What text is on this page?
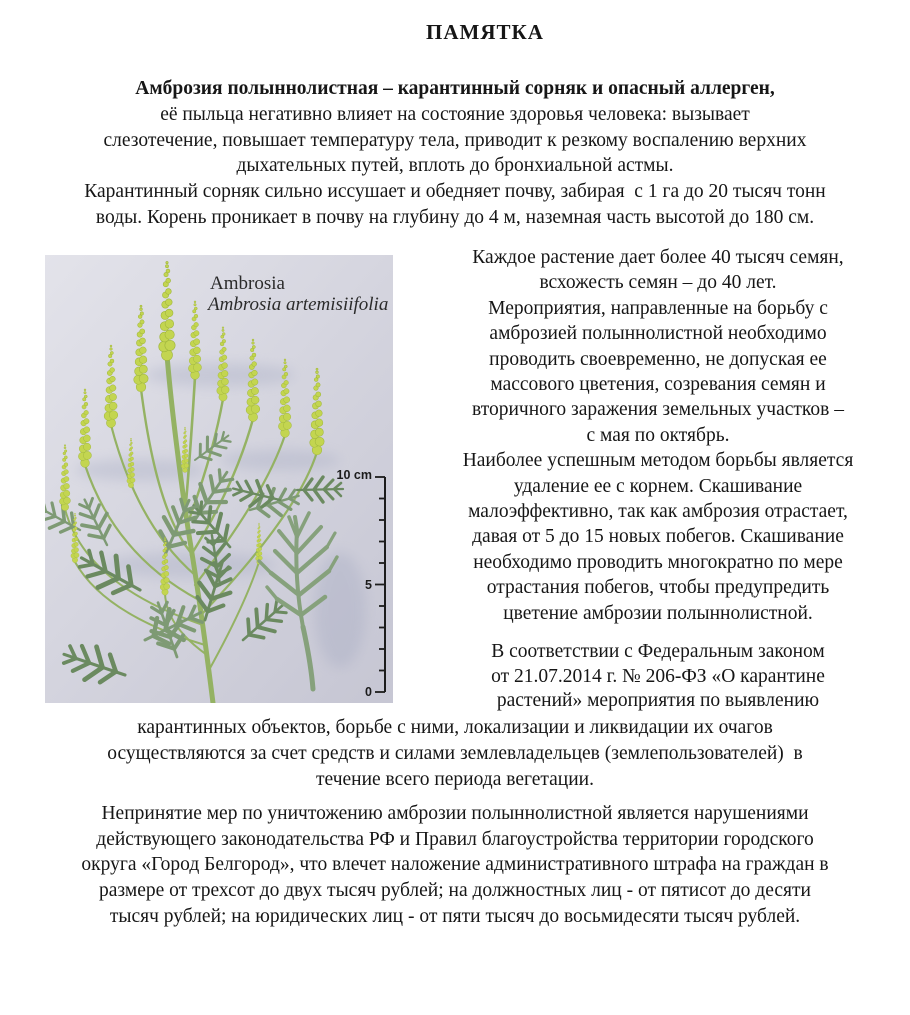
ПАМЯТКА
Амброзия полыннолистная – карантинный сорняк и опасный аллерген,
её пыльца негативно влияет на состояние здоровья человека: вызывает
слезотечение, повышает температуру тела, приводит к резкому воспалению верхних
дыхательных путей, вплоть до бронхиальной астмы.
Карантинный сорняк сильно иссушает и обедняет почву, забирая  с 1 га до 20 тысяч тонн
воды. Корень проникает в почву на глубину до 4 м, наземная часть высотой до 180 см.
10 cm
5
0
Ambrosia
Ambrosia artemisiifolia
Каждое растение дает более 40 тысяч семян,
всхожесть семян – до 40 лет.
Мероприятия, направленные на борьбу с
амброзией полыннолистной необходимо
проводить своевременно, не допуская ее
массового цветения, созревания семян и
вторичного заражения земельных участков –
с мая по октябрь.
Наиболее успешным методом борьбы является
удаление ее с корнем. Скашивание
малоэффективно, так как амброзия отрастает,
давая от 5 до 15 новых побегов. Скашивание
необходимо проводить многократно по мере
отрастания побегов, чтобы предупредить
цветение амброзии полыннолистной.
В соответствии с Федеральным законом
от 21.07.2014 г. № 206-ФЗ «О карантине
растений» мероприятия по выявлению
карантинных объектов, борьбе с ними, локализации и ликвидации их очагов
осуществляются за счет средств и силами землевладельцев (землепользователей)  в
течение всего периода вегетации.
Непринятие мер по уничтожению амброзии полыннолистной является нарушениями
действующего законодательства РФ и Правил благоустройства территории городского
округа «Город Белгород», что влечет наложение административного штрафа на граждан в
размере от трехсот до двух тысяч рублей; на должностных лиц - от пятисот до десяти
тысяч рублей; на юридических лиц - от пяти тысяч до восьмидесяти тысяч рублей.
